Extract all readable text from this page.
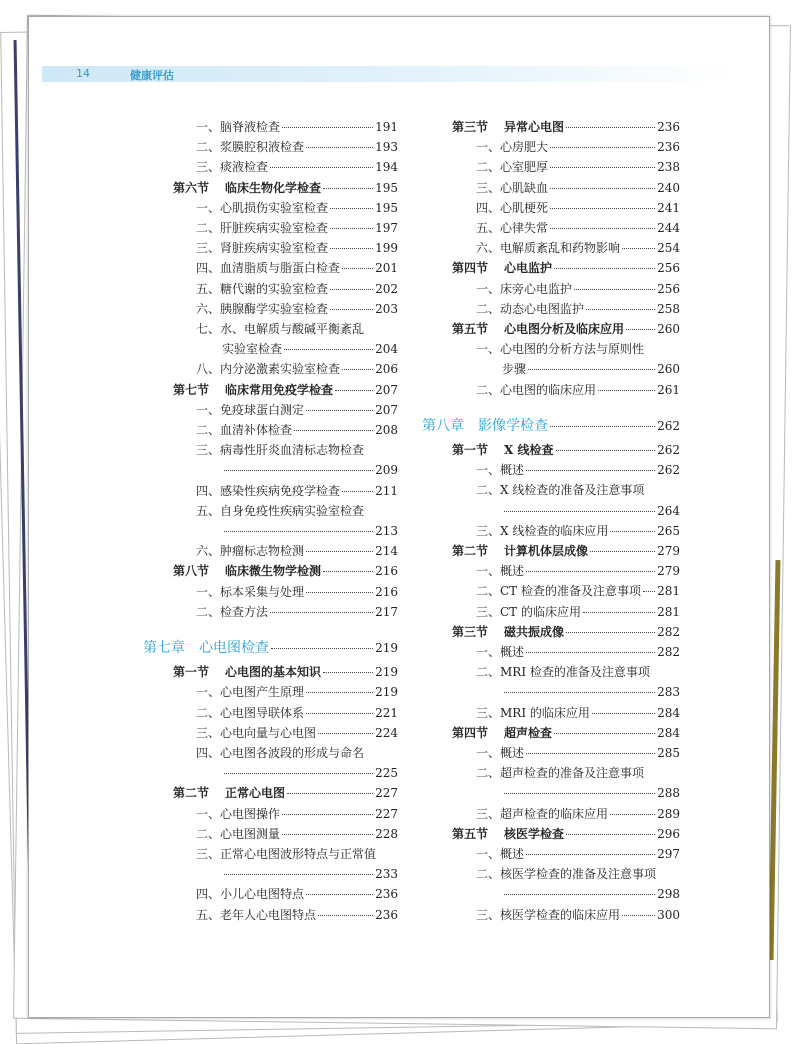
14	健康评估
一、脑脊液检查	191
二、浆膜腔积液检查	193
三、痰液检查	194
第六节	临床生物化学检查	195
一、心肌损伤实验室检查	195
二、肝脏疾病实验室检查	197
三、肾脏疾病实验室检查	199
四、血清脂质与脂蛋白检查	201
五、糖代谢的实验室检查	202
六、胰腺酶学实验室检查	203
七、水、电解质与酸碱平衡紊乱
实验室检查	204
八、内分泌激素实验室检查	206
第七节	临床常用免疫学检查	207
一、免疫球蛋白测定	207
二、血清补体检查	208
三、病毒性肝炎血清标志物检查
209
四、感染性疾病免疫学检查	211
五、自身免疫性疾病实验室检查
213
六、肿瘤标志物检测	214
第八节	临床微生物学检测	216
一、标本采集与处理	216
二、检查方法	217
第七章　心电图检查	219
第一节	心电图的基本知识	219
一、心电图产生原理	219
二、心电图导联体系	221
三、心电向量与心电图	224
四、心电图各波段的形成与命名
225
第二节	正常心电图	227
一、心电图操作	227
二、心电图测量	228
三、正常心电图波形特点与正常值
233
四、小儿心电图特点	236
五、老年人心电图特点	236
第三节	异常心电图	236
一、心房肥大	236
二、心室肥厚	238
三、心肌缺血	240
四、心肌梗死	241
五、心律失常	244
六、电解质紊乱和药物影响	254
第四节	心电监护	256
一、床旁心电监护	256
二、动态心电图监护	258
第五节	心电图分析及临床应用	260
一、心电图的分析方法与原则性
步骤	260
二、心电图的临床应用	261
第八章　影像学检查	262
第一节	X 线检查	262
一、概述	262
二、X 线检查的准备及注意事项
264
三、X 线检查的临床应用	265
第二节	计算机体层成像	279
一、概述	279
二、CT 检查的准备及注意事项 281
三、CT 的临床应用	281
第三节	磁共振成像	282
一、概述	282
二、MRI 检查的准备及注意事项
283
三、MRI 的临床应用	284
第四节	超声检查	284
一、概述	285
二、超声检查的准备及注意事项
288
三、超声检查的临床应用	289
第五节	核医学检查	296
一、概述	297
二、核医学检查的准备及注意事项
298
三、核医学检查的临床应用	300
